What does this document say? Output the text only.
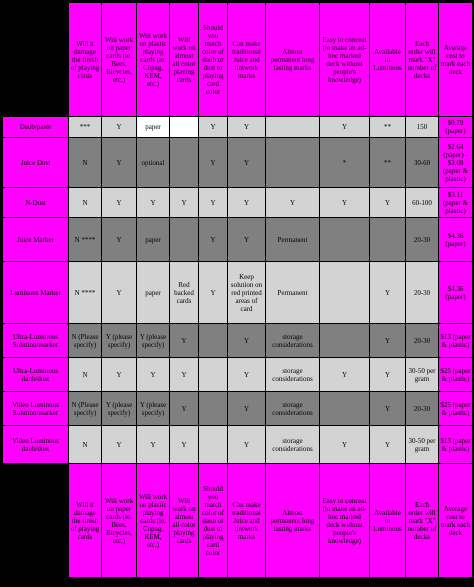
	Will it damage the finish of playing cards	Will work on paper cards (ie. Bees, Bicycles, etc.)	Will work on plastic playing cards (ie. Copag, KEM, etc.)	Will work on almost all color playing cards	Should you match color of daub or dust to playing card color	Can make traditional Juice and tintwork marks	Almost permanent long lasting marks	Easy to conceal (to make an ad-hoc marked deck without people's knowledge)	Available in Luminous	Each order will mark "X" number of decks	Average cost to mark each deck
Daub/paste	***	Y	paper		Y	Y		Y	**	150	$0.79 (paper)
Juice Dust	N	Y	optional		Y	Y		*	**	30-60	$2.64 (paper) - $3.08 (paper & plastic)
N-Dust	N	Y	Y	Y	Y	Y	Y	Y	Y	60-100	$3.11 (paper & plastic)
Juice Marker	N ****	Y	paper		Y	Y	Permanent			20-30	$4.36 (paper)
Luminous Marker	N ****	Y	paper	Red backed cards	Y	Keep solution on red printed areas of card	Permanent		Y	20-30	$4.36 (paper)
Ultra-Luminous Solution/marker	N (Please specify)	Y (please specify)	Y (please specify)	Y		Y	storage considerations		Y	20-30	$13 (paper & plastic)
Ultra-Luminous daub/dust	N	Y	Y	Y		Y	storage considerations	Y	Y	30-50 per gram	$25 (paper & plastic)
Video Luminous Solution/marker	N (Please specify)	Y (please specify)	Y (please specify)	Y		Y	storage considerations		Y	20-30	$25 (paper & plastic)
Video Luminous daub/dust	N	Y	Y	Y		Y	storage considerations	Y	Y	30-50 per gram	$13 (paper & plastic)
	Will it damage the finish of playing cards	Will work on paper cards (ie. Bees, Bicycles, etc.)	Will work on plastic playing cards (ie. Copag, KEM, etc.)	Will work on almost all color playing cards	Should you match color of daub or dust to playing card color	Can make traditional Juice and tintwork marks	Almost permanent long lasting marks	Easy to conceal (to make an ad-hoc marked deck without people's knowledge)	Available in Luminous	Each order will mark "X" number of decks	Average cost to mark each deck
